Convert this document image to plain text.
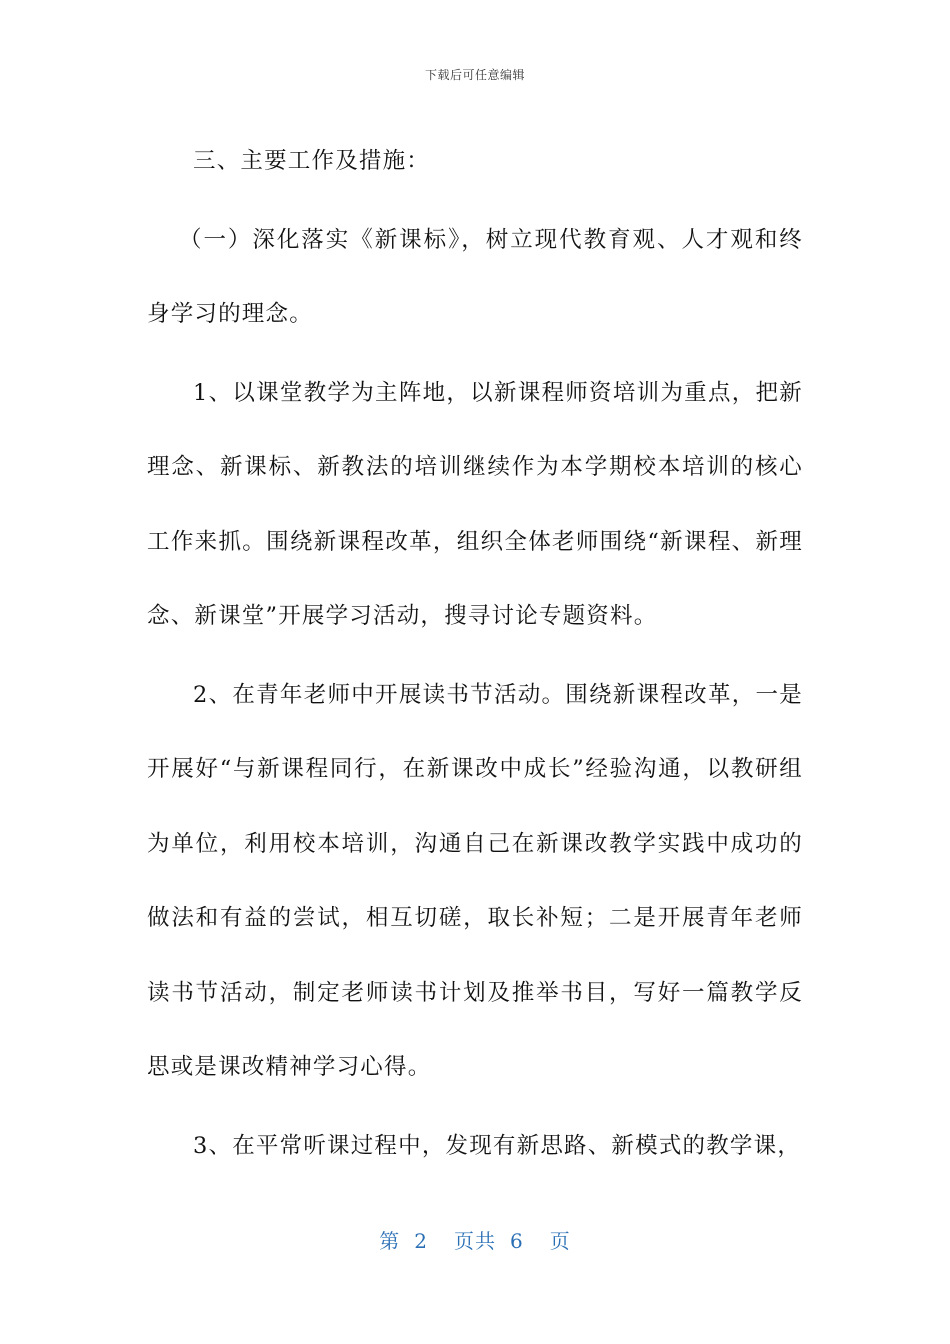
下载后可任意编辑

三、主要工作及措施：

（一）深化落实《新课标》，树立现代教育观、人才观和终身学习的理念。

1、以课堂教学为主阵地，以新课程师资培训为重点，把新理念、新课标、新教法的培训继续作为本学期校本培训的核心工作来抓。围绕新课程改革，组织全体老师围绕“新课程、新理念、新课堂”开展学习活动，搜寻讨论专题资料。

2、在青年老师中开展读书节活动。围绕新课程改革，一是开展好“与新课程同行，在新课改中成长”经验沟通，以教研组为单位，利用校本培训，沟通自己在新课改教学实践中成功的做法和有益的尝试，相互切磋，取长补短；二是开展青年老师读书节活动，制定老师读书计划及推举书目，写好一篇教学反思或是课改精神学习心得。

3、在平常听课过程中，发现有新思路、新模式的教学课，

第 2 页共 6 页
